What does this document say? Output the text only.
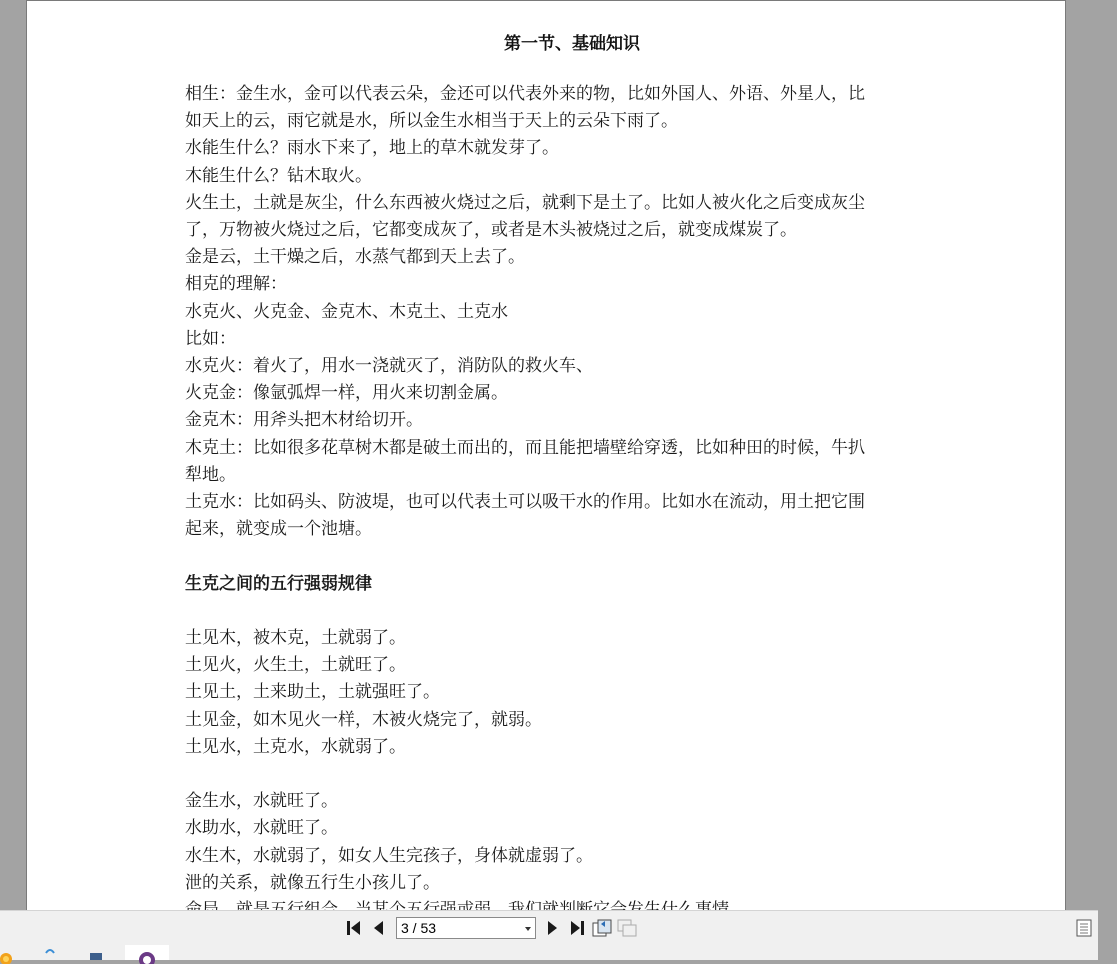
第一节、基础知识

相生：金生水，金可以代表云朵，金还可以代表外来的物，比如外国人、外语、外星人，比

如天上的云，雨它就是水，所以金生水相当于天上的云朵下雨了。

水能生什么？雨水下来了，地上的草木就发芽了。

木能生什么？钻木取火。

火生土，土就是灰尘，什么东西被火烧过之后，就剩下是土了。比如人被火化之后变成灰尘

了，万物被火烧过之后，它都变成灰了，或者是木头被烧过之后，就变成煤炭了。

金是云，土干燥之后，水蒸气都到天上去了。

相克的理解：

水克火、火克金、金克木、木克土、土克水

比如：

水克火：着火了，用水一浇就灭了，消防队的救火车、

火克金：像氩弧焊一样，用火来切割金属。

金克木：用斧头把木材给切开。

木克土：比如很多花草树木都是破土而出的，而且能把墙壁给穿透，比如种田的时候，牛扒

犁地。

土克水：比如码头、防波堤，也可以代表土可以吸干水的作用。比如水在流动，用土把它围

起来，就变成一个池塘。

生克之间的五行强弱规律

土见木，被木克，土就弱了。

土见火，火生土，土就旺了。

土见土，土来助土，土就强旺了。

土见金，如木见火一样，木被火烧完了，就弱。

土见水，土克水，水就弱了。

金生水，水就旺了。

水助水，水就旺了。

水生木，水就弱了，如女人生完孩子，身体就虚弱了。

泄的关系，就像五行生小孩儿了。

3 / 53
